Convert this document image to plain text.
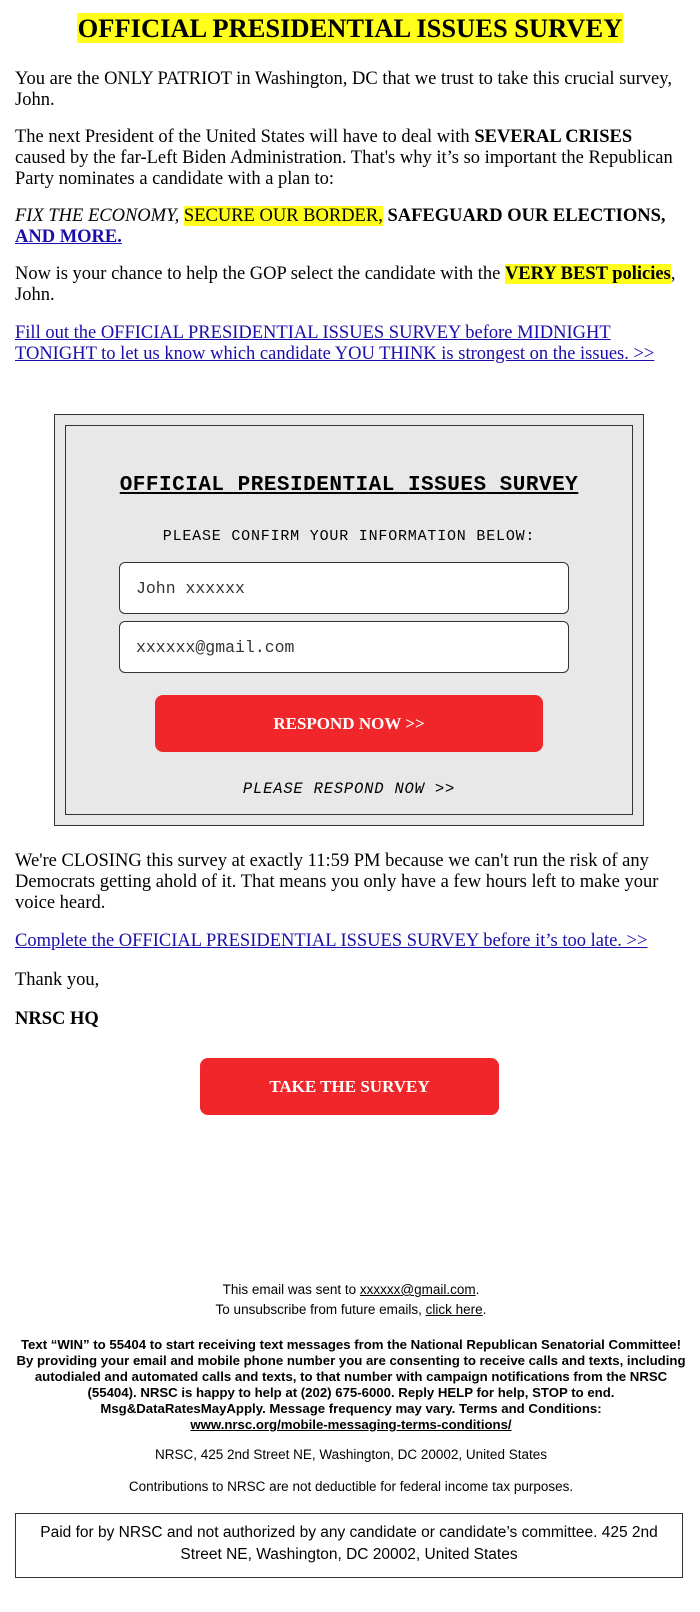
OFFICIAL PRESIDENTIAL ISSUES SURVEY

You are the ONLY PATRIOT in Washington, DC that we trust to take this crucial survey, John.

The next President of the United States will have to deal with SEVERAL CRISES caused by the far-Left Biden Administration. That's why it’s so important the Republican Party nominates a candidate with a plan to:

FIX THE ECONOMY, SECURE OUR BORDER, SAFEGUARD OUR ELECTIONS, AND MORE.

Now is your chance to help the GOP select the candidate with the VERY BEST policies, John.

Fill out the OFFICIAL PRESIDENTIAL ISSUES SURVEY before MIDNIGHT TONIGHT to let us know which candidate YOU THINK is strongest on the issues. >>

OFFICIAL PRESIDENTIAL ISSUES SURVEY
PLEASE CONFIRM YOUR INFORMATION BELOW:
John xxxxxx
xxxxxx@gmail.com
RESPOND NOW >>
PLEASE RESPOND NOW >>

We're CLOSING this survey at exactly 11:59 PM because we can't run the risk of any Democrats getting ahold of it. That means you only have a few hours left to make your voice heard.

Complete the OFFICIAL PRESIDENTIAL ISSUES SURVEY before it’s too late. >>

Thank you,

NRSC HQ

TAKE THE SURVEY
This email was sent to xxxxxx@gmail.com.
To unsubscribe from future emails, click here.
Text “WIN” to 55404 to start receiving text messages from the National Republican Senatorial Committee! By providing your email and mobile phone number you are consenting to receive calls and texts, including autodialed and automated calls and texts, to that number with campaign notifications from the NRSC (55404). NRSC is happy to help at (202) 675-6000. Reply HELP for help, STOP to end. Msg&DataRatesMayApply. Message frequency may vary. Terms and Conditions:
www.nrsc.org/mobile-messaging-terms-conditions/
NRSC, 425 2nd Street NE, Washington, DC 20002, United States
Contributions to NRSC are not deductible for federal income tax purposes.
Paid for by NRSC and not authorized by any candidate or candidate’s committee. 425 2nd Street NE, Washington, DC 20002, United States
